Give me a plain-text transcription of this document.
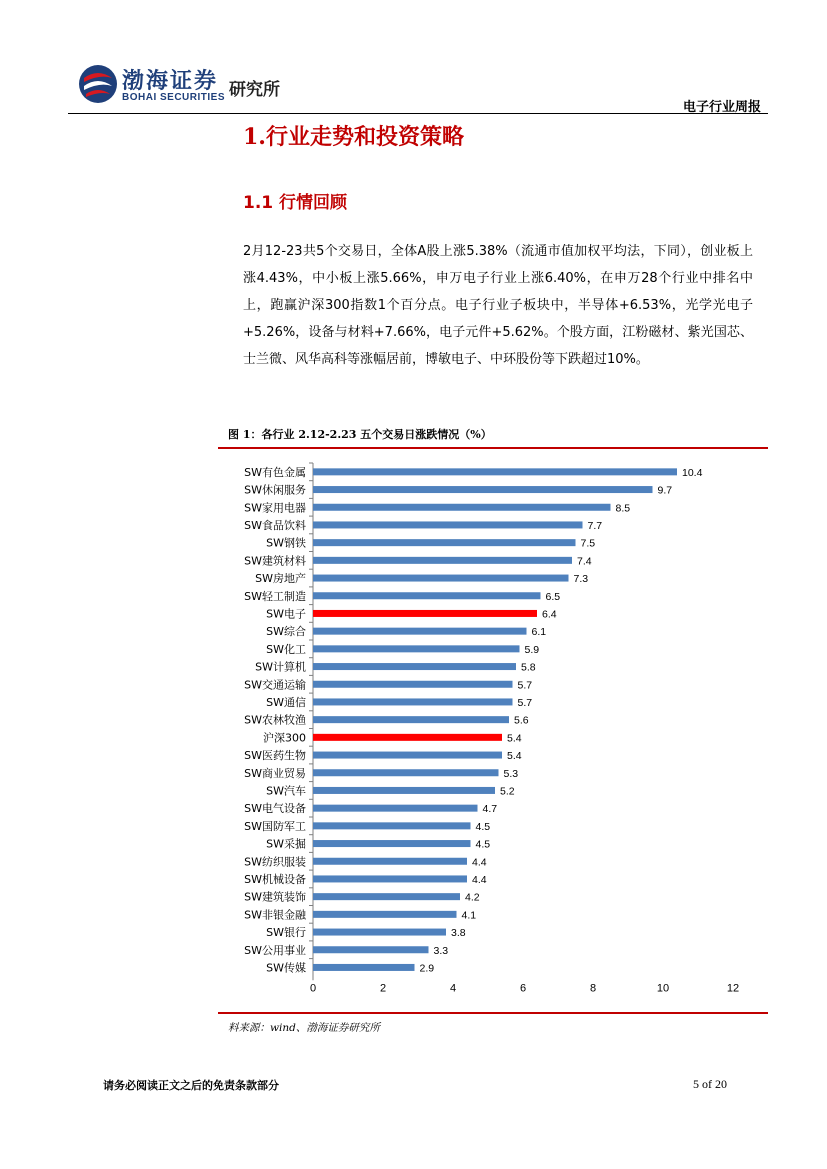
渤海证券
BOHAI SECURITIES 研究所
电子行业周报
1.行业走势和投资策略
1.1 行情回顾
2月12-23共5个交易日，全体A股上涨5.38%（流通市值加权平均法，下同），创业板上涨4.43%，中小板上涨5.66%，申万电子行业上涨6.40%，在申万28个行业中排名中上，跑赢沪深300指数1个百分点。电子行业子板块中，半导体+6.53%，光学光电子+5.26%，设备与材料+7.66%，电子元件+5.62%。个股方面，江粉磁材、紫光国芯、士兰微、风华高科等涨幅居前，博敏电子、中环股份等下跌超过10%。
图 1：各行业 2.12-2.23 五个交易日涨跌情况（%）
SW有色金属	10.4
SW休闲服务	9.7
SW家用电器	8.5
SW食品饮料	7.7
SW钢铁	7.5
SW建筑材料	7.4
SW房地产	7.3
SW轻工制造	6.5
SW电子	6.4
SW综合	6.1
SW化工	5.9
SW计算机	5.8
SW交通运输	5.7
SW通信	5.7
SW农林牧渔	5.6
沪深300	5.4
SW医药生物	5.4
SW商业贸易	5.3
SW汽车	5.2
SW电气设备	4.7
SW国防军工	4.5
SW采掘	4.5
SW纺织服装	4.4
SW机械设备	4.4
SW建筑装饰	4.2
SW非银金融	4.1
SW银行	3.8
SW公用事业	3.3
SW传媒	2.9
0	2	4	6	8	10	12
料来源：wind、渤海证券研究所
请务必阅读正文之后的免责条款部分	5 of 20
